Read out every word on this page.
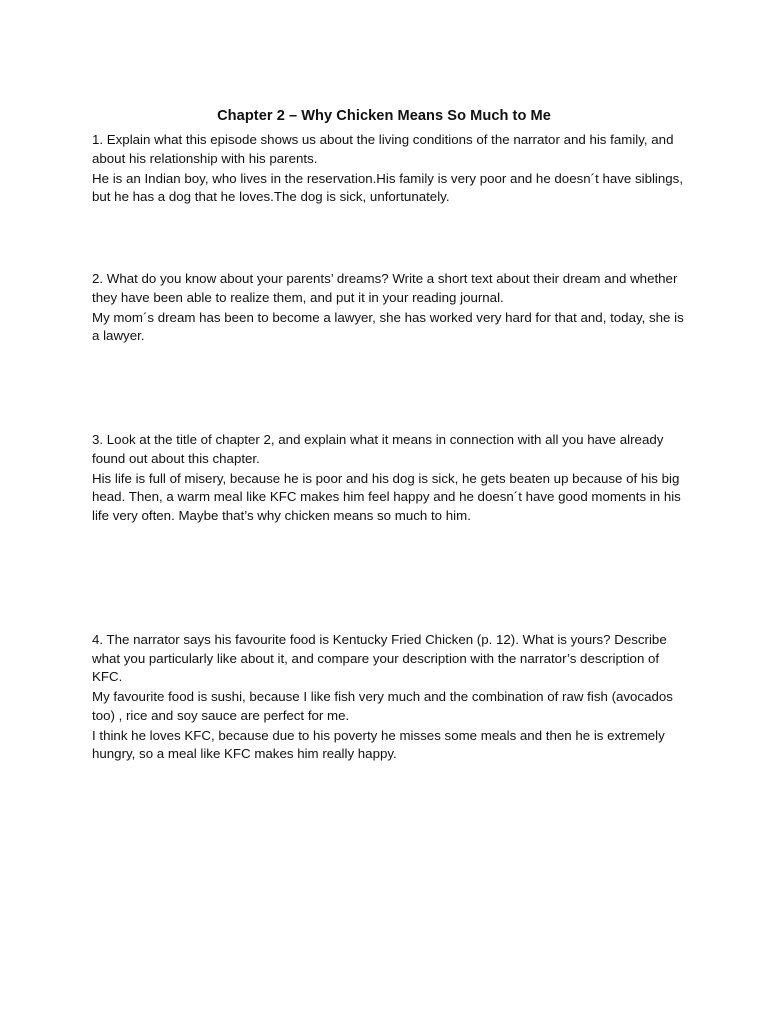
Chapter 2 – Why Chicken Means So Much to Me

1. Explain what this episode shows us about the living conditions of the narrator and his family, and about his relationship with his parents.

He is an Indian boy, who lives in the reservation.His family is very poor and he doesn´t have siblings, but he has a dog that he loves.The dog is sick, unfortunately.

2. What do you know about your parents’ dreams? Write a short text about their dream and whether they have been able to realize them, and put it in your reading journal.

My mom´s dream has been to become a lawyer, she has worked very hard for that and, today, she is a lawyer.

3. Look at the title of chapter 2, and explain what it means in connection with all you have already found out about this chapter.

His life is full of misery, because he is poor and his dog is sick, he gets beaten up because of his big head. Then, a warm meal like KFC makes him feel happy and he doesn´t have good moments in his life very often. Maybe that’s why chicken means so much to him.

4. The narrator says his favourite food is Kentucky Fried Chicken (p. 12). What is yours? Describe what you particularly like about it, and compare your description with the narrator’s description of KFC.

My favourite food is sushi, because I like fish very much and the combination of raw fish (avocados too) , rice and soy sauce are perfect for me.

I think he loves KFC, because due to his poverty he misses some meals and then he is extremely hungry, so a meal like KFC makes him really happy.
